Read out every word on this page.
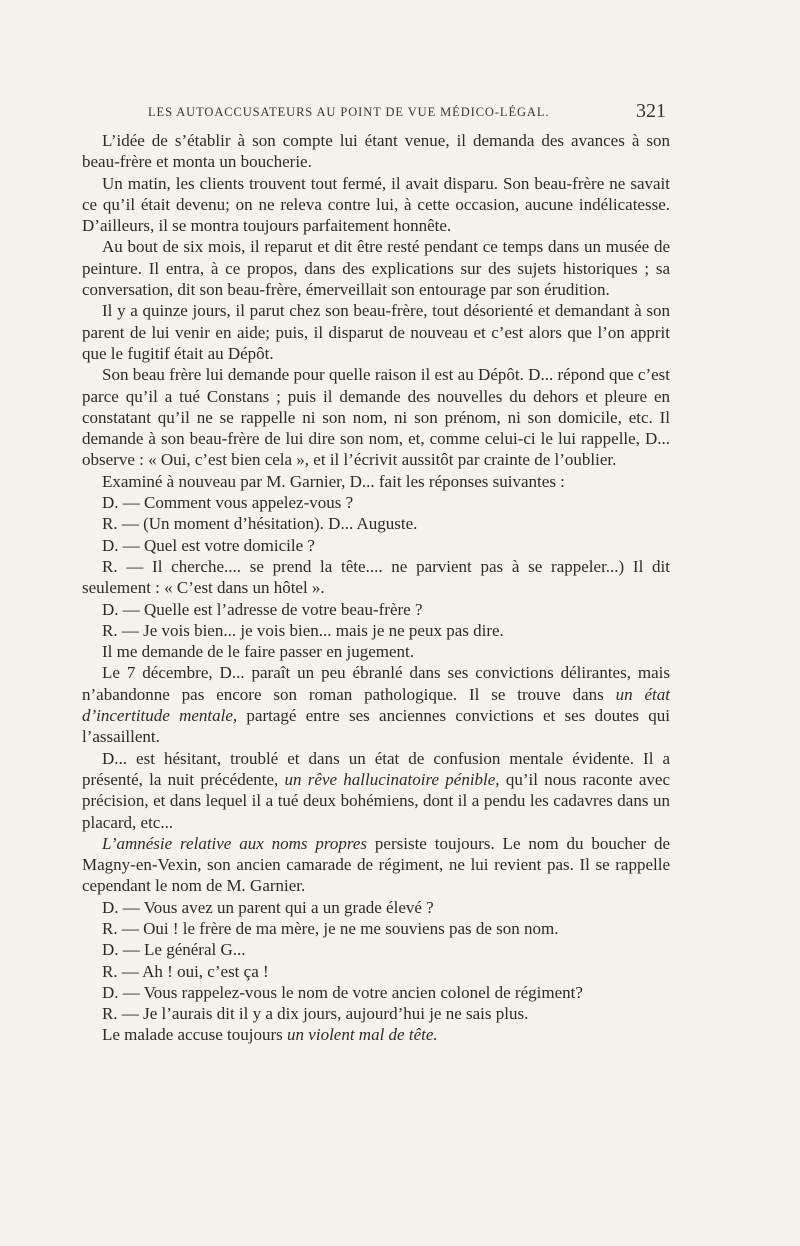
LES AUTOACCUSATEURS AU POINT DE VUE MÉDICO-LÉGAL.	321

L’idée de s’établir à son compte lui étant venue, il demanda des avances à son beau-frère et monta un boucherie.

Un matin, les clients trouvent tout fermé, il avait disparu. Son beau-frère ne savait ce qu’il était devenu; on ne releva contre lui, à cette occasion, aucune indélicatesse. D’ailleurs, il se montra toujours parfaitement honnête.

Au bout de six mois, il reparut et dit être resté pendant ce temps dans un musée de peinture. Il entra, à ce propos, dans des explications sur des sujets historiques ; sa conversation, dit son beau-frère, émerveillait son entourage par son érudition.

Il y a quinze jours, il parut chez son beau-frère, tout désorienté et demandant à son parent de lui venir en aide; puis, il disparut de nouveau et c’est alors que l’on apprit que le fugitif était au Dépôt.

Son beau frère lui demande pour quelle raison il est au Dépôt. D... répond que c’est parce qu’il a tué Constans ; puis il demande des nouvelles du dehors et pleure en constatant qu’il ne se rappelle ni son nom, ni son prénom, ni son domicile, etc. Il demande à son beau-frère de lui dire son nom, et, comme celui-ci le lui rappelle, D... observe : « Oui, c’est bien cela », et il l’écrivit aussitôt par crainte de l’oublier.

Examiné à nouveau par M. Garnier, D... fait les réponses suivantes :

D. — Comment vous appelez-vous ?

R. — (Un moment d’hésitation). D... Auguste.

D. — Quel est votre domicile ?

R. — Il cherche.... se prend la tête.... ne parvient pas à se rappeler...) Il dit seulement : « C’est dans un hôtel ».

D. — Quelle est l’adresse de votre beau-frère ?

R. — Je vois bien... je vois bien... mais je ne peux pas dire.

Il me demande de le faire passer en jugement.

Le 7 décembre, D... paraît un peu ébranlé dans ses convictions délirantes, mais n’abandonne pas encore son roman pathologique. Il se trouve dans un état d’incertitude mentale, partagé entre ses anciennes convictions et ses doutes qui l’assaillent.

D... est hésitant, troublé et dans un état de confusion mentale évidente. Il a présenté, la nuit précédente, un rêve hallucinatoire pénible, qu’il nous raconte avec précision, et dans lequel il a tué deux bohémiens, dont il a pendu les cadavres dans un placard, etc...

L’amnésie relative aux noms propres persiste toujours. Le nom du boucher de Magny-en-Vexin, son ancien camarade de régiment, ne lui revient pas. Il se rappelle cependant le nom de M. Garnier.

D. — Vous avez un parent qui a un grade élevé ?

R. — Oui ! le frère de ma mère, je ne me souviens pas de son nom.

D. — Le général G...

R. — Ah ! oui, c’est ça !

D. — Vous rappelez-vous le nom de votre ancien colonel de régiment?

R. — Je l’aurais dit il y a dix jours, aujourd’hui je ne sais plus.

Le malade accuse toujours un violent mal de tête.
